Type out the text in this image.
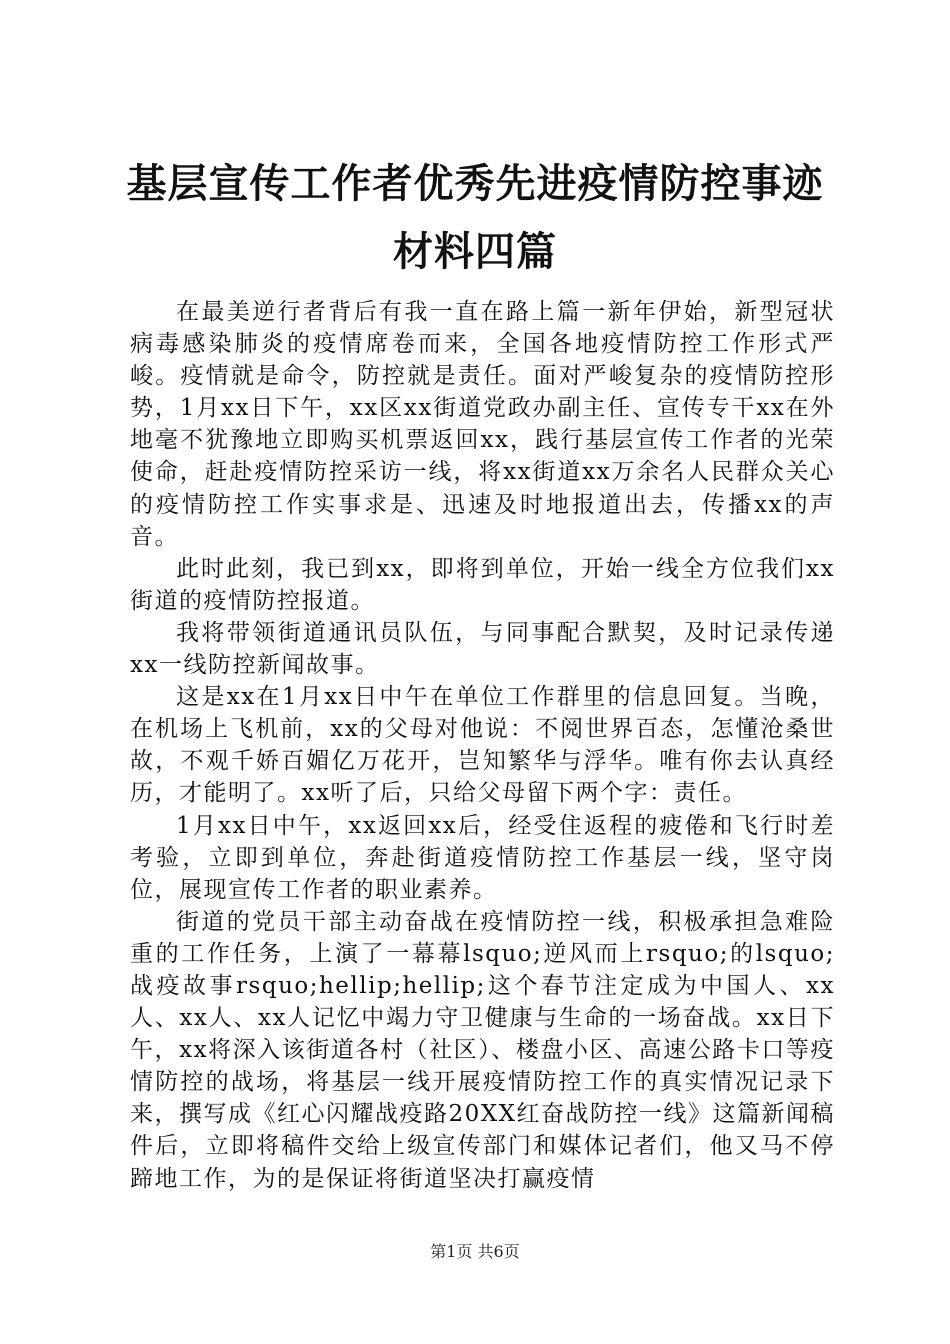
基层宣传工作者优秀先进疫情防控事迹材料四篇

在最美逆行者背后有我一直在路上篇一新年伊始，新型冠状病毒感染肺炎的疫情席卷而来，全国各地疫情防控工作形式严峻。疫情就是命令，防控就是责任。面对严峻复杂的疫情防控形势，1月xx日下午，xx区xx街道党政办副主任、宣传专干xx在外地毫不犹豫地立即购买机票返回xx，践行基层宣传工作者的光荣使命，赶赴疫情防控采访一线，将xx街道xx万余名人民群众关心的疫情防控工作实事求是、迅速及时地报道出去，传播xx的声音。

此时此刻，我已到xx，即将到单位，开始一线全方位我们xx街道的疫情防控报道。

我将带领街道通讯员队伍，与同事配合默契，及时记录传递xx一线防控新闻故事。

这是xx在1月xx日中午在单位工作群里的信息回复。当晚，在机场上飞机前，xx的父母对他说：不阅世界百态，怎懂沧桑世故，不观千娇百媚亿万花开，岂知繁华与浮华。唯有你去认真经历，才能明了。xx听了后，只给父母留下两个字：责任。

1月xx日中午，xx返回xx后，经受住返程的疲倦和飞行时差考验，立即到单位，奔赴街道疫情防控工作基层一线，坚守岗位，展现宣传工作者的职业素养。

街道的党员干部主动奋战在疫情防控一线，积极承担急难险重的工作任务，上演了一幕幕lsquo;逆风而上rsquo;的lsquo;战疫故事rsquo;hellip;hellip;这个春节注定成为中国人、xx人、xx人、xx人记忆中竭力守卫健康与生命的一场奋战。xx日下午，xx将深入该街道各村（社区）、楼盘小区、高速公路卡口等疫情防控的战场，将基层一线开展疫情防控工作的真实情况记录下来，撰写成《红心闪耀战疫路20XX红奋战防控一线》这篇新闻稿件后，立即将稿件交给上级宣传部门和媒体记者们，他又马不停蹄地工作，为的是保证将街道坚决打赢疫情

第1页 共6页
